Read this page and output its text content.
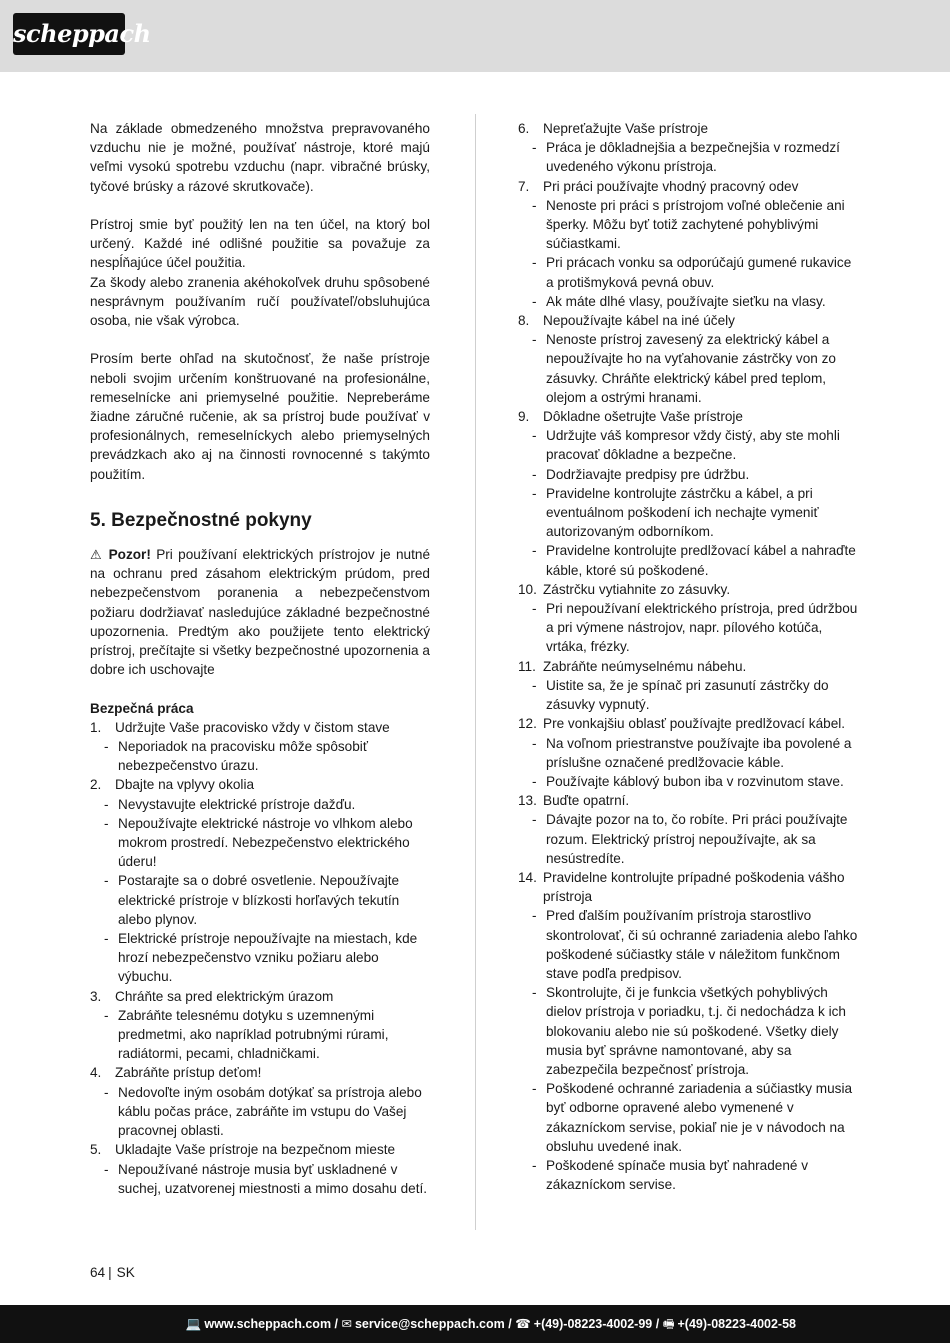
scheppach

Na základe obmedzeného množstva prepravovaného vzduchu nie je možné, používať nástroje, ktoré majú veľmi vysokú spotrebu vzduchu (napr. vibračné brúsky, tyčové brúsky a rázové skrutkovače).

Prístroj smie byť použitý len na ten účel, na ktorý bol určený. Každé iné odlišné použitie sa považuje za nespĺňajúce účel použitia.

Za škody alebo zranenia akéhokoľvek druhu spôsobené nesprávnym používaním ručí používateľ/obsluhujúca osoba, nie však výrobca.

Prosím berte ohľad na skutočnosť, že naše prístroje neboli svojim určením konštruované na profesionálne, remeselnícke ani priemyselné použitie. Nepreberáme žiadne záručné ručenie, ak sa prístroj bude používať v profesionálnych, remeselníckych alebo priemyselných prevádzkach ako aj na činnosti rovnocenné s takýmto použitím.

5. Bezpečnostné pokyny

⚠ Pozor! Pri používaní elektrických prístrojov je nutné na ochranu pred zásahom elektrickým prúdom, pred nebezpečenstvom poranenia a nebezpečenstvom požiaru dodržiavať nasledujúce základné bezpečnostné upozornenia. Predtým ako použijete tento elektrický prístroj, prečítajte si všetky bezpečnostné upozornenia a dobre ich uschovajte

Bezpečná práca
1. Udržujte Vaše pracovisko vždy v čistom stave
- Neporiadok na pracovisku môže spôsobiť nebezpečenstvo úrazu.
2. Dbajte na vplyvy okolia
- Nevystavujte elektrické prístroje dažďu.
- Nepoužívajte elektrické nástroje vo vlhkom alebo mokrom prostredí. Nebezpečenstvo elektrického úderu!
- Postarajte sa o dobré osvetlenie. Nepoužívajte elektrické prístroje v blízkosti horľavých tekutín alebo plynov.
- Elektrické prístroje nepoužívajte na miestach, kde hrozí nebezpečenstvo vzniku požiaru alebo výbuchu.
3. Chráňte sa pred elektrickým úrazom
- Zabráňte telesnému dotyku s uzemnenými predmetmi, ako napríklad potrubnými rúrami, radiátormi, pecami, chladničkami.
4. Zabráňte prístup deťom!
- Nedovoľte iným osobám dotýkať sa prístroja alebo káblu počas práce, zabráňte im vstupu do Vašej pracovnej oblasti.
5. Ukladajte Vaše prístroje na bezpečnom mieste
- Nepoužívané nástroje musia byť uskladnené v suchej, uzatvorenej miestnosti a mimo dosahu detí.
6. Nepreťažujte Vaše prístroje
- Práca je dôkladnejšia a bezpečnejšia v rozmedzí uvedeného výkonu prístroja.
7. Pri práci používajte vhodný pracovný odev
- Nenoste pri práci s prístrojom voľné oblečenie ani šperky. Môžu byť totiž zachytené pohyblivými súčiastkami.
- Pri prácach vonku sa odporúčajú gumené rukavice a protišmyková pevná obuv.
- Ak máte dlhé vlasy, používajte sieťku na vlasy.
8. Nepoužívajte kábel na iné účely
- Nenoste prístroj zavesený za elektrický kábel a nepoužívajte ho na vyťahovanie zástrčky von zo zásuvky. Chráňte elektrický kábel pred teplom, olejom a ostrými hranami.
9. Dôkladne ošetrujte Vaše prístroje
- Udržujte váš kompresor vždy čistý, aby ste mohli pracovať dôkladne a bezpečne.
- Dodržiavajte predpisy pre údržbu.
- Pravidelne kontrolujte zástrčku a kábel, a pri eventuálnom poškodení ich nechajte vymeniť autorizovaným odborníkom.
- Pravidelne kontrolujte predlžovací kábel a nahraďte káble, ktoré sú poškodené.
10. Zástrčku vytiahnite zo zásuvky.
- Pri nepoužívaní elektrického prístroja, pred údržbou a pri výmene nástrojov, napr. pílového kotúča, vrtáka, frézky.
11. Zabráňte neúmyselnému nábehu.
- Uistite sa, že je spínač pri zasunutí zástrčky do zásuvky vypnutý.
12. Pre vonkajšiu oblasť používajte predlžovací kábel.
- Na voľnom priestranstve používajte iba povolené a príslušne označené predlžovacie káble.
- Používajte káblový bubon iba v rozvinutom stave.
13. Buďte opatrní.
- Dávajte pozor na to, čo robíte. Pri práci používajte rozum. Elektrický prístroj nepoužívajte, ak sa nesústredíte.
14. Pravidelne kontrolujte prípadné poškodenia vášho prístroja
- Pred ďalším používaním prístroja starostlivo skontrolovať, či sú ochranné zariadenia alebo ľahko poškodené súčiastky stále v náležitom funkčnom stave podľa predpisov.
- Skontrolujte, či je funkcia všetkých pohyblivých dielov prístroja v poriadku, t.j. či nedochádza k ich blokovaniu alebo nie sú poškodené. Všetky diely musia byť správne namontované, aby sa zabezpečila bezpečnosť prístroja.
- Poškodené ochranné zariadenia a súčiastky musia byť odborne opravené alebo vymenené v zákazníckom servise, pokiaľ nie je v návodoch na obsluhu uvedené inak.
- Poškodené spínače musia byť nahradené v zákazníckom servise.
64 | SK
💻 www.scheppach.com / ✉ service@scheppach.com / ☎ +(49)-08223-4002-99 / 🖷 +(49)-08223-4002-58
